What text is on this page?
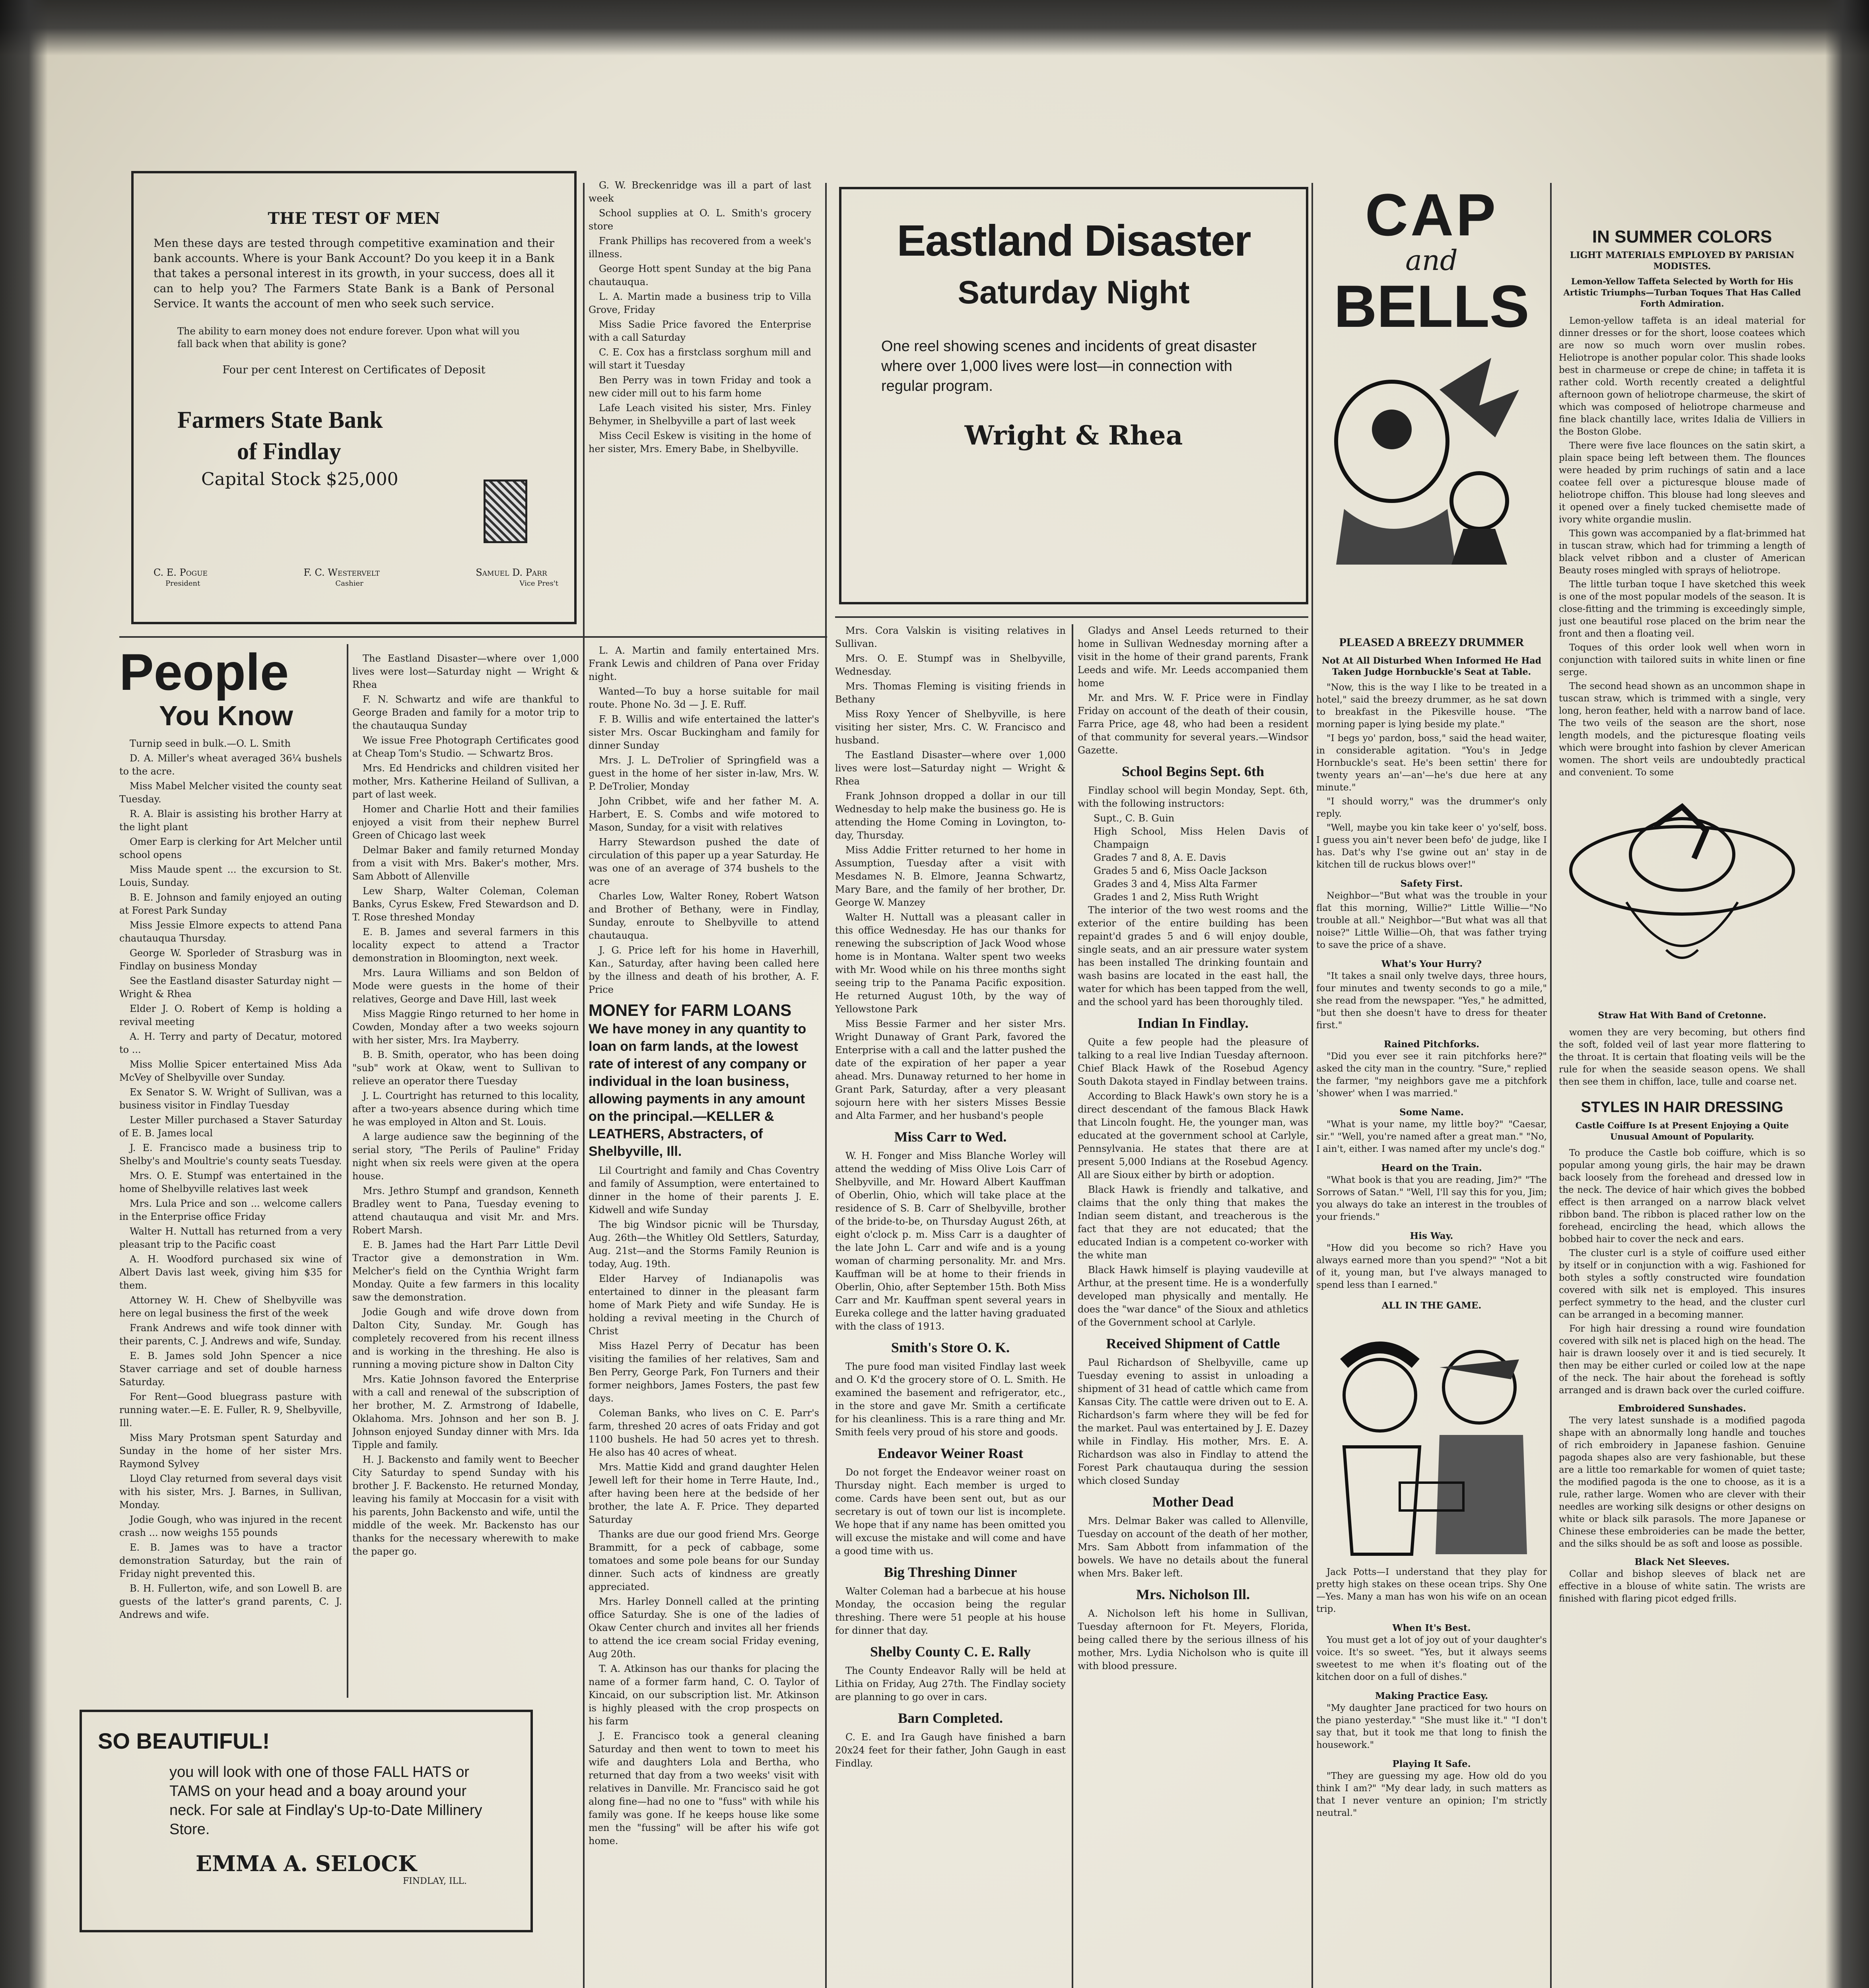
THE TEST OF MEN
Men these days are tested through competitive examination and their bank accounts. Where is your Bank Account? Do you keep it in a Bank that takes a personal interest in its growth, in your success, does all it can to help you? The Farmers State Bank is a Bank of Personal Service. It wants the account of men who seek such service.
The ability to earn money does not endure forever. Upon what will you fall back when that ability is gone?
Four per cent Interest on Certificates of Deposit
Farmers State Bank
of Findlay
Capital Stock $25,000
C. E. Pogue
President
F. C. Westervelt
Cashier
Samuel D. Parr
Vice Pres't

G. W. Breckenridge was ill a part of last week

School supplies at O. L. Smith's grocery store

Frank Phillips has recovered from a week's illness.

George Hott spent Sunday at the big Pana chautauqua.

L. A. Martin made a business trip to Villa Grove, Friday

Miss Sadie Price favored the Enterprise with a call Saturday

C. E. Cox has a firstclass sorghum mill and will start it Tuesday

Ben Perry was in town Friday and took a new cider mill out to his farm home

Lafe Leach visited his sister, Mrs. Finley Behymer, in Shelbyville a part of last week

Miss Cecil Eskew is visiting in the home of her sister, Mrs. Emery Babe, in Shelbyville.

Eastland Disaster
Saturday Night
One reel showing scenes and incidents of great disaster where over 1,000 lives were lost—in connection with regular program.
Wright & Rhea
CAP
and
BELLS
PLEASED A BREEZY DRUMMER
Not At All Disturbed When Informed He Had Taken Judge Hornbuckle's Seat at Table.

"Now, this is the way I like to be treated in a hotel," said the breezy drummer, as he sat down to breakfast in the Pikesville house. "The morning paper is lying beside my plate."

"I begs yo' pardon, boss," said the head waiter, in considerable agitation. "You's in Jedge Hornbuckle's seat. He's been settin' there for twenty years an'—an'—he's due here at any minute."

"I should worry," was the drummer's only reply.

"Well, maybe you kin take keer o' yo'self, boss. I guess you ain't never been befo' de judge, like I has. Dat's why I'se gwine out an' stay in de kitchen till de ruckus blows over!"

Safety First.

Neighbor—"But what was the trouble in your flat this morning, Willie?" Little Willie—"No trouble at all." Neighbor—"But what was all that noise?" Little Willie—Oh, that was father trying to save the price of a shave.

What's Your Hurry?

"It takes a snail only twelve days, three hours, four minutes and twenty seconds to go a mile," she read from the newspaper. "Yes," he admitted, "but then she doesn't have to dress for theater first."

Rained Pitchforks.

"Did you ever see it rain pitchforks here?" asked the city man in the country. "Sure," replied the farmer, "my neighbors gave me a pitchfork 'shower' when I was married."

Some Name.

"What is your name, my little boy?" "Caesar, sir." "Well, you're named after a great man." "No, I ain't, either. I was named after my uncle's dog."

Heard on the Train.

"What book is that you are reading, Jim?" "The Sorrows of Satan." "Well, I'll say this for you, Jim; you always do take an interest in the troubles of your friends."

His Way.

"How did you become so rich? Have you always earned more than you spend?" "Not a bit of it, young man, but I've always managed to spend less than I earned."

ALL IN THE GAME.

Jack Potts—I understand that they play for pretty high stakes on these ocean trips. Shy One—Yes. Many a man has won his wife on an ocean trip.

When It's Best.

You must get a lot of joy out of your daughter's voice. It's so sweet. "Yes, but it always seems sweetest to me when it's floating out of the kitchen door on a full of dishes."

Making Practice Easy.

"My daughter Jane practiced for two hours on the piano yesterday." "She must like it." "I don't say that, but it took me that long to finish the housework."

Playing It Safe.

"They are guessing my age. How old do you think I am?" "My dear lady, in such matters as that I never venture an opinion; I'm strictly neutral."

IN SUMMER COLORS
LIGHT MATERIALS EMPLOYED BY PARISIAN MODISTES.
Lemon-Yellow Taffeta Selected by Worth for His Artistic Triumphs—Turban Toques That Has Called Forth Admiration.

Lemon-yellow taffeta is an ideal material for dinner dresses or for the short, loose coatees which are now so much worn over muslin robes. Heliotrope is another popular color. This shade looks best in charmeuse or crepe de chine; in taffeta it is rather cold. Worth recently created a delightful afternoon gown of heliotrope charmeuse, the skirt of which was composed of heliotrope charmeuse and fine black chantilly lace, writes Idalia de Villiers in the Boston Globe.

There were five lace flounces on the satin skirt, a plain space being left between them. The flounces were headed by prim ruchings of satin and a lace coatee fell over a picturesque blouse made of heliotrope chiffon. This blouse had long sleeves and it opened over a finely tucked chemisette made of ivory white organdie muslin.

This gown was accompanied by a flat-brimmed hat in tuscan straw, which had for trimming a length of black velvet ribbon and a cluster of American Beauty roses mingled with sprays of heliotrope.

The little turban toque I have sketched this week is one of the most popular models of the season. It is close-fitting and the trimming is exceedingly simple, just one beautiful rose placed on the brim near the front and then a floating veil.

Toques of this order look well when worn in conjunction with tailored suits in white linen or fine serge.

The second head shown as an uncommon shape in tuscan straw, which is trimmed with a single, very long, heron feather, held with a narrow band of lace. The two veils of the season are the short, nose length models, and the picturesque floating veils which were brought into fashion by clever American women. The short veils are undoubtedly practical and convenient. To some

Straw Hat With Band of Cretonne.

women they are very becoming, but others find the soft, folded veil of last year more flattering to the throat. It is certain that floating veils will be the rule for when the seaside season opens. We shall then see them in chiffon, lace, tulle and coarse net.

STYLES IN HAIR DRESSING
Castle Coiffure Is at Present Enjoying a Quite Unusual Amount of Popularity.

To produce the Castle bob coiffure, which is so popular among young girls, the hair may be drawn back loosely from the forehead and dressed low in the neck. The device of hair which gives the bobbed effect is then arranged on a narrow black velvet ribbon band. The ribbon is placed rather low on the forehead, encircling the head, which allows the bobbed hair to cover the neck and ears.

The cluster curl is a style of coiffure used either by itself or in conjunction with a wig. Fashioned for both styles a softly constructed wire foundation covered with silk net is employed. This insures perfect symmetry to the head, and the cluster curl can be arranged in a becoming manner.

For high hair dressing a round wire foundation covered with silk net is placed high on the head. The hair is drawn loosely over it and is tied securely. It then may be either curled or coiled low at the nape of the neck. The hair about the forehead is softly arranged and is drawn back over the curled coiffure.

Embroidered Sunshades.

The very latest sunshade is a modified pagoda shape with an abnormally long handle and touches of rich embroidery in Japanese fashion. Genuine pagoda shapes also are very fashionable, but these are a little too remarkable for women of quiet taste; the modified pagoda is the one to choose, as it is a rule, rather large. Women who are clever with their needles are working silk designs or other designs on white or black silk parasols. The more Japanese or Chinese these embroideries can be made the better, and the silks should be as soft and loose as possible.

Black Net Sleeves.

Collar and bishop sleeves of black net are effective in a blouse of white satin. The wrists are finished with flaring picot edged frills.

People
You Know

Turnip seed in bulk.—O. L. Smith

D. A. Miller's wheat averaged 36¼ bushels to the acre.

Miss Mabel Melcher visited the county seat Tuesday.

R. A. Blair is assisting his brother Harry at the light plant

Omer Earp is clerking for Art Melcher until school opens

Miss Maude spent ... the excursion to St. Louis, Sunday.

B. E. Johnson and family enjoyed an outing at Forest Park Sunday

Miss Jessie Elmore expects to attend Pana chautauqua Thursday.

George W. Sporleder of Strasburg was in Findlay on business Monday

See the Eastland disaster Saturday night — Wright & Rhea

Elder J. O. Robert of Kemp is holding a revival meeting

A. H. Terry and party of Decatur, motored to ...

Miss Mollie Spicer entertained Miss Ada McVey of Shelbyville over Sunday.

Ex Senator S. W. Wright of Sullivan, was a business visitor in Findlay Tuesday

Lester Miller purchased a Staver Saturday of E. B. James local

J. E. Francisco made a business trip to Shelby's and Moultrie's county seats Tuesday.

Mrs. O. E. Stumpf was entertained in the home of Shelbyville relatives last week

Mrs. Lula Price and son ... welcome callers in the Enterprise office Friday

Walter H. Nuttall has returned from a very pleasant trip to the Pacific coast

A. H. Woodford purchased six wine of Albert Davis last week, giving him $35 for them.

Attorney W. H. Chew of Shelbyville was here on legal business the first of the week

Frank Andrews and wife took dinner with their parents, C. J. Andrews and wife, Sunday.

E. B. James sold John Spencer a nice Staver carriage and set of double harness Saturday.

For Rent—Good bluegrass pasture with running water.—E. E. Fuller, R. 9, Shelbyville, Ill.

Miss Mary Protsman spent Saturday and Sunday in the home of her sister Mrs. Raymond Sylvey

Lloyd Clay returned from several days visit with his sister, Mrs. J. Barnes, in Sullivan, Monday.

Jodie Gough, who was injured in the recent crash ... now weighs 155 pounds

E. B. James was to have a tractor demonstration Saturday, but the rain of Friday night prevented this.

B. H. Fullerton, wife, and son Lowell B. are guests of the latter's grand parents, C. J. Andrews and wife.

SO BEAUTIFUL!
you will look with one of those FALL HATS or TAMS on your head and a boay around your neck. For sale at Findlay's Up-to-Date Millinery Store.
EMMA A. SELOCK
FINDLAY, ILL.

The Eastland Disaster—where over 1,000 lives were lost—Saturday night — Wright & Rhea

F. N. Schwartz and wife are thankful to George Braden and family for a motor trip to the chautauqua Sunday

We issue Free Photograph Certificates good at Cheap Tom's Studio. — Schwartz Bros.

Mrs. Ed Hendricks and children visited her mother, Mrs. Katherine Heiland of Sullivan, a part of last week.

Homer and Charlie Hott and their families enjoyed a visit from their nephew Burrel Green of Chicago last week

Delmar Baker and family returned Monday from a visit with Mrs. Baker's mother, Mrs. Sam Abbott of Allenville

Lew Sharp, Walter Coleman, Coleman Banks, Cyrus Eskew, Fred Stewardson and D. T. Rose threshed Monday

E. B. James and several farmers in this locality expect to attend a Tractor demonstration in Bloomington, next week.

Mrs. Laura Williams and son Beldon of Mode were guests in the home of their relatives, George and Dave Hill, last week

Miss Maggie Ringo returned to her home in Cowden, Monday after a two weeks sojourn with her sister, Mrs. Ira Mayberry.

B. B. Smith, operator, who has been doing "sub" work at Okaw, went to Sullivan to relieve an operator there Tuesday

J. L. Courtright has returned to this locality, after a two-years absence during which time he was employed in Alton and St. Louis.

A large audience saw the beginning of the serial story, "The Perils of Pauline" Friday night when six reels were given at the opera house.

Mrs. Jethro Stumpf and grandson, Kenneth Bradley went to Pana, Tuesday evening to attend chautauqua and visit Mr. and Mrs. Robert Marsh.

E. B. James had the Hart Parr Little Devil Tractor give a demonstration in Wm. Melcher's field on the Cynthia Wright farm Monday. Quite a few farmers in this locality saw the demonstration.

Jodie Gough and wife drove down from Dalton City, Sunday. Mr. Gough has completely recovered from his recent illness and is working in the threshing. He also is running a moving picture show in Dalton City

Mrs. Katie Johnson favored the Enterprise with a call and renewal of the subscription of her brother, M. Z. Armstrong of Idabelle, Oklahoma. Mrs. Johnson and her son B. J. Johnson enjoyed Sunday dinner with Mrs. Ida Tipple and family.

H. J. Backensto and family went to Beecher City Saturday to spend Sunday with his brother J. F. Backensto. He returned Monday, leaving his family at Moccasin for a visit with his parents, John Backensto and wife, until the middle of the week. Mr. Backensto has our thanks for the necessary wherewith to make the paper go.

L. A. Martin and family entertained Mrs. Frank Lewis and children of Pana over Friday night.

Wanted—To buy a horse suitable for mail route. Phone No. 3d — J. E. Ruff.

F. B. Willis and wife entertained the latter's sister Mrs. Oscar Buckingham and family for dinner Sunday

Mrs. J. L. DeTrolier of Springfield was a guest in the home of her sister in-law, Mrs. W. P. DeTrolier, Monday

John Cribbet, wife and her father M. A. Harbert, E. S. Combs and wife motored to Mason, Sunday, for a visit with relatives

Harry Stewardson pushed the date of circulation of this paper up a year Saturday. He was one of an average of 374 bushels to the acre

Charles Low, Walter Roney, Robert Watson and Brother of Bethany, were in Findlay, Sunday, enroute to Shelbyville to attend chautauqua.

J. G. Price left for his home in Haverhill, Kan., Saturday, after having been called here by the illness and death of his brother, A. F. Price

MONEY for FARM LOANS
We have money in any quantity to loan on farm lands, at the lowest rate of interest of any company or individual in the loan business, allowing payments in any amount on the principal.—KELLER & LEATHERS, Abstracters, of Shelbyville, Ill.

Lil Courtright and family and Chas Coventry and family of Assumption, were entertained to dinner in the home of their parents J. E. Kidwell and wife Sunday

The big Windsor picnic will be Thursday, Aug. 26th—the Whitley Old Settlers, Saturday, Aug. 21st—and the Storms Family Reunion is today, Aug. 19th.

Elder Harvey of Indianapolis was entertained to dinner in the pleasant farm home of Mark Piety and wife Sunday. He is holding a revival meeting in the Church of Christ

Miss Hazel Perry of Decatur has been visiting the families of her relatives, Sam and Ben Perry, George Park, Fon Turners and their former neighbors, James Fosters, the past few days.

Coleman Banks, who lives on C. E. Parr's farm, threshed 20 acres of oats Friday and got 1100 bushels. He had 50 acres yet to thresh. He also has 40 acres of wheat.

Mrs. Mattie Kidd and grand daughter Helen Jewell left for their home in Terre Haute, Ind., after having been here at the bedside of her brother, the late A. F. Price. They departed Saturday

Thanks are due our good friend Mrs. George Brammitt, for a peck of cabbage, some tomatoes and some pole beans for our Sunday dinner. Such acts of kindness are greatly appreciated.

Mrs. Harley Donnell called at the printing office Saturday. She is one of the ladies of Okaw Center church and invites all her friends to attend the ice cream social Friday evening, Aug 20th.

T. A. Atkinson has our thanks for placing the name of a former farm hand, C. O. Taylor of Kincaid, on our subscription list. Mr. Atkinson is highly pleased with the crop prospects on his farm

J. E. Francisco took a general cleaning Saturday and then went to town to meet his wife and daughters Lola and Bertha, who returned that day from a two weeks' visit with relatives in Danville. Mr. Francisco said he got along fine—had no one to "fuss" with while his family was gone. If he keeps house like some men the "fussing" will be after his wife got home.

Mrs. Cora Valskin is visiting relatives in Sullivan.

Mrs. O. E. Stumpf was in Shelbyville, Wednesday.

Mrs. Thomas Fleming is visiting friends in Bethany

Miss Roxy Yencer of Shelbyville, is here visiting her sister, Mrs. C. W. Francisco and husband.

The Eastland Disaster—where over 1,000 lives were lost—Saturday night — Wright & Rhea

Frank Johnson dropped a dollar in our till Wednesday to help make the business go. He is attending the Home Coming in Lovington, to-day, Thursday.

Miss Addie Fritter returned to her home in Assumption, Tuesday after a visit with Mesdames N. B. Elmore, Jeanna Schwartz, Mary Bare, and the family of her brother, Dr. George W. Manzey

Walter H. Nuttall was a pleasant caller in this office Wednesday. He has our thanks for renewing the subscription of Jack Wood whose home is in Montana. Walter spent two weeks with Mr. Wood while on his three months sight seeing trip to the Panama Pacific exposition. He returned August 10th, by the way of Yellowstone Park

Miss Bessie Farmer and her sister Mrs. Wright Dunaway of Grant Park, favored the Enterprise with a call and the latter pushed the date of the expiration of her paper a year ahead. Mrs. Dunaway returned to her home in Grant Park, Saturday, after a very pleasant sojourn here with her sisters Misses Bessie and Alta Farmer, and her husband's people

Miss Carr to Wed.

W. H. Fonger and Miss Blanche Worley will attend the wedding of Miss Olive Lois Carr of Shelbyville, and Mr. Howard Albert Kauffman of Oberlin, Ohio, which will take place at the residence of S. B. Carr of Shelbyville, brother of the bride-to-be, on Thursday August 26th, at eight o'clock p. m. Miss Carr is a daughter of the late John L. Carr and wife and is a young woman of charming personality. Mr. and Mrs. Kauffman will be at home to their friends in Oberlin, Ohio, after September 15th. Both Miss Carr and Mr. Kauffman spent several years in Eureka college and the latter having graduated with the class of 1913.

Smith's Store O. K.

The pure food man visited Findlay last week and O. K'd the grocery store of O. L. Smith. He examined the basement and refrigerator, etc., in the store and gave Mr. Smith a certificate for his cleanliness. This is a rare thing and Mr. Smith feels very proud of his store and goods.

Endeavor Weiner Roast

Do not forget the Endeavor weiner roast on Thursday night. Each member is urged to come. Cards have been sent out, but as our secretary is out of town our list is incomplete. We hope that if any name has been omitted you will excuse the mistake and will come and have a good time with us.

Big Threshing Dinner

Walter Coleman had a barbecue at his house Monday, the occasion being the regular threshing. There were 51 people at his house for dinner that day.

Shelby County C. E. Rally

The County Endeavor Rally will be held at Lithia on Friday, Aug 27th. The Findlay society are planning to go over in cars.

Barn Completed.

C. E. and Ira Gaugh have finished a barn 20x24 feet for their father, John Gaugh in east Findlay.

Gladys and Ansel Leeds returned to their home in Sullivan Wednesday morning after a visit in the home of their grand parents, Frank Leeds and wife. Mr. Leeds accompanied them home

Mr. and Mrs. W. F. Price were in Findlay Friday on account of the death of their cousin, Farra Price, age 48, who had been a resident of that community for several years.—Windsor Gazette.

School Begins Sept. 6th

Findlay school will begin Monday, Sept. 6th, with the following instructors:

Supt., C. B. Guin
High School, Miss Helen Davis of Champaign
Grades 7 and 8, A. E. Davis
Grades 5 and 6, Miss Oacle Jackson
Grades 3 and 4, Miss Alta Farmer
Grades 1 and 2, Miss Ruth Wright

The interior of the two west rooms and the exterior of the entire building has been repaint'd grades 5 and 6 will enjoy double, single seats, and an air pressure water system has been installed The drinking fountain and wash basins are located in the east hall, the water for which has been tapped from the well, and the school yard has been thoroughly tiled.

Indian In Findlay.

Quite a few people had the pleasure of talking to a real live Indian Tuesday afternoon. Chief Black Hawk of the Rosebud Agency South Dakota stayed in Findlay between trains.

According to Black Hawk's own story he is a direct descendant of the famous Black Hawk that Lincoln fought. He, the younger man, was educated at the government school at Carlyle, Pennsylvania. He states that there are at present 5,000 Indians at the Rosebud Agency. All are Sioux either by birth or adoption.

Black Hawk is friendly and talkative, and claims that the only thing that makes the Indian seem distant, and treacherous is the fact that they are not educated; that the educated Indian is a competent co-worker with the white man

Black Hawk himself is playing vaudeville at Arthur, at the present time. He is a wonderfully developed man physically and mentally. He does the "war dance" of the Sioux and athletics of the Government school at Carlyle.

Received Shipment of Cattle

Paul Richardson of Shelbyville, came up Tuesday evening to assist in unloading a shipment of 31 head of cattle which came from Kansas City. The cattle were driven out to E. A. Richardson's farm where they will be fed for the market. Paul was entertained by J. E. Dazey while in Findlay. His mother, Mrs. E. A. Richardson was also in Findlay to attend the Forest Park chautauqua during the session which closed Sunday

Mother Dead

Mrs. Delmar Baker was called to Allenville, Tuesday on account of the death of her mother, Mrs. Sam Abbott from infammation of the bowels. We have no details about the funeral when Mrs. Baker left.

Mrs. Nicholson Ill.

A. Nicholson left his home in Sullivan, Tuesday afternoon for Ft. Meyers, Florida, being called there by the serious illness of his mother, Mrs. Lydia Nicholson who is quite ill with blood pressure.
